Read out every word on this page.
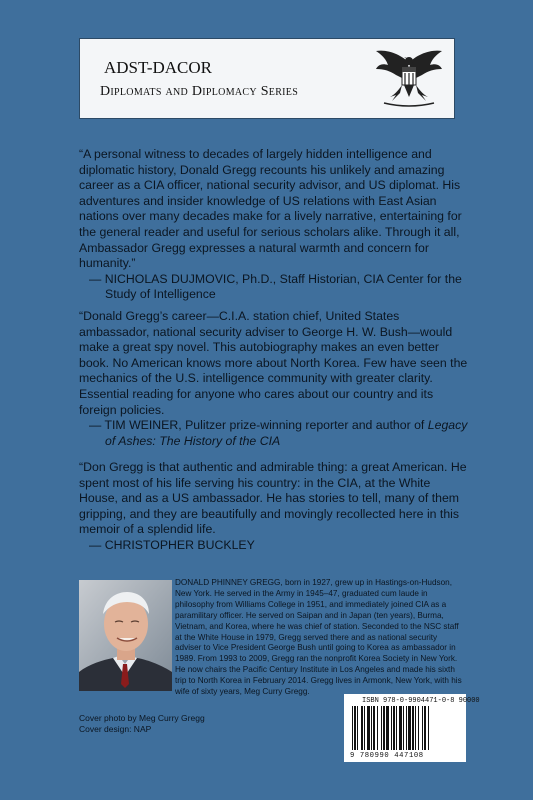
ADST-DACOR
Diplomats and Diplomacy Series

“A personal witness to decades of largely hidden intelligence and diplomatic history, Donald Gregg recounts his unlikely and amazing career as a CIA officer, national security advisor, and US diplomat. His adventures and insider knowledge of US relations with East Asian nations over many decades make for a lively narrative, entertaining for the general reader and useful for serious scholars alike. Through it all, Ambassador Gregg expresses a natural warmth and concern for humanity.”

— NICHOLAS DUJMOVIC, Ph.D., Staff Historian, CIA Center for the Study of Intelligence

“Donald Gregg’s career—C.I.A. station chief, United States ambassador, national security adviser to George H. W. Bush—would make a great spy novel. This autobiography makes an even better book. No American knows more about North Korea. Few have seen the mechanics of the U.S. intelligence community with greater clarity. Essential reading for anyone who cares about our country and its foreign policies.

— TIM WEINER, Pulitzer prize-winning reporter and author of Legacy of Ashes: The History of the CIA

“Don Gregg is that authentic and admirable thing: a great American. He spent most of his life serving his country: in the CIA, at the White House, and as a US ambassador. He has stories to tell, many of them gripping, and they are beautifully and movingly recollected here in this memoir of a splendid life.

— CHRISTOPHER BUCKLEY

DONALD PHINNEY GREGG, born in 1927, grew up in Hastings-on-Hudson, New York. He served in the Army in 1945–47, graduated cum laude in philosophy from Williams College in 1951, and immediately joined CIA as a paramilitary officer. He served on Saipan and in Japan (ten years), Burma, Vietnam, and Korea, where he was chief of station. Seconded to the NSC staff at the White House in 1979, Gregg served there and as national security adviser to Vice President George Bush until going to Korea as ambassador in 1989. From 1993 to 2009, Gregg ran the nonprofit Korea Society in New York. He now chairs the Pacific Century Institute in Los Angeles and made his sixth trip to North Korea in February 2014. Gregg lives in Armonk, New York, with his wife of sixty years, Meg Curry Gregg.

Cover photo by Meg Curry Gregg
Cover design: NAP
ISBN 978-0-9904471-0-8 90000
9 780990 447108
